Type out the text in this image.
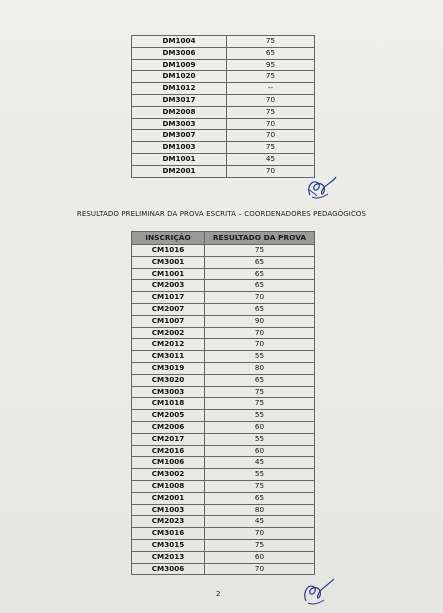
DM1004	75
DM3006	65
DM1009	95
DM1020	75
DM1012	--
DM3017	70
DM2008	75
DM3003	70
DM3007	70
DM1003	75
DM1001	45
DM2001	70
RESULTADO PRELIMINAR DA PROVA ESCRITA – COORDENADORES PEDAGÓGICOS
INSCRIÇÃO	RESULTADO DA PROVA
CM1016	75
CM3001	65
CM1001	65
CM2003	65
CM1017	70
CM2007	65
CM1007	90
CM2002	70
CM2012	70
CM3011	55
CM3019	80
CM3020	65
CM3003	75
CM1018	75
CM2005	55
CM2006	60
CM2017	55
CM2016	60
CM1006	45
CM3002	55
CM1008	75
CM2001	65
CM1003	80
CM2023	45
CM3016	70
CM3015	75
CM2013	60
CM3006	70
2
